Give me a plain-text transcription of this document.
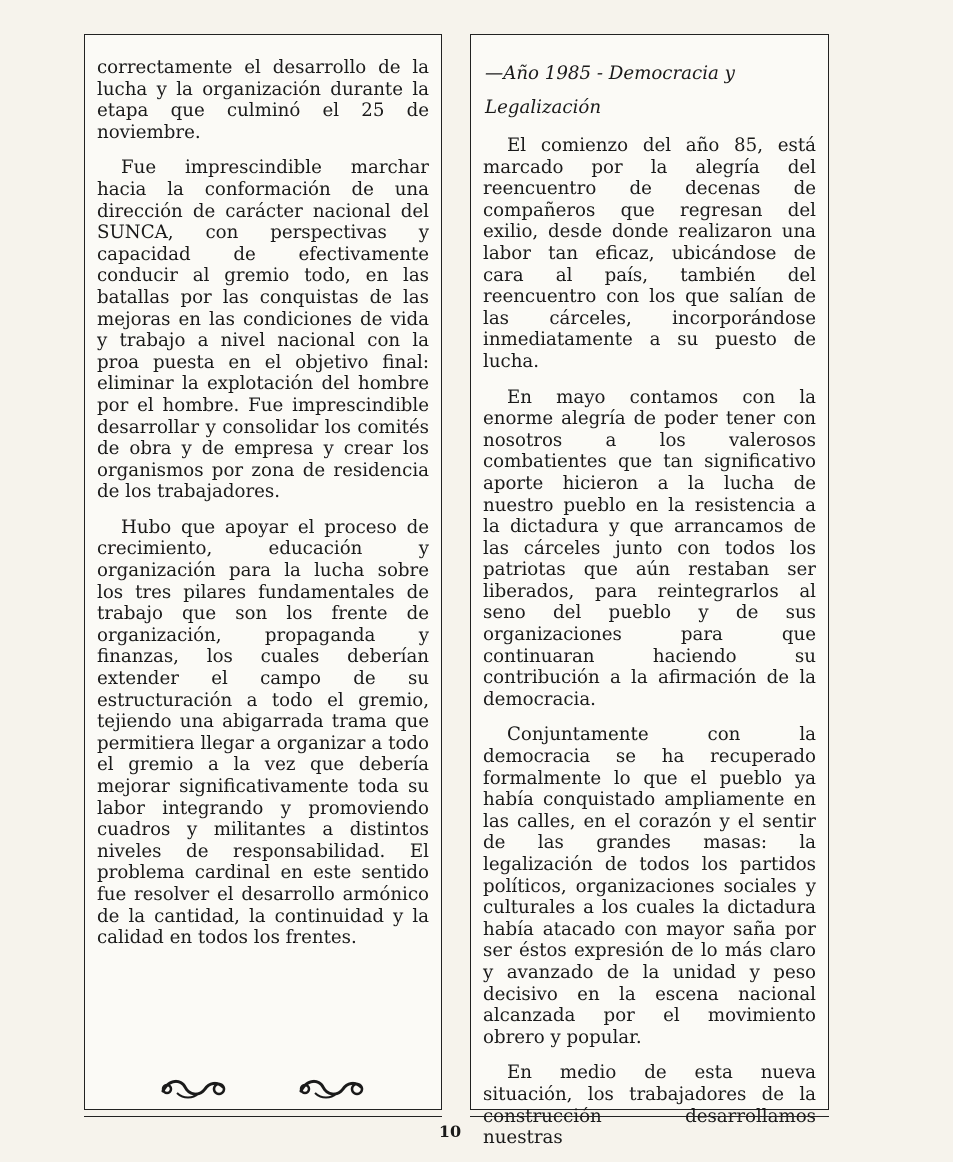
correctamente el desarrollo de la lucha y la organización durante la etapa que culminó el 25 de noviembre.

Fue imprescindible marchar hacia la conformación de una dirección de carácter nacional del SUNCA, con perspectivas y capacidad de efectivamente conducir al gremio todo, en las batallas por las conquistas de las mejoras en las condiciones de vida y trabajo a nivel nacional con la proa puesta en el objetivo final: eliminar la explotación del hombre por el hombre. Fue imprescindible desarrollar y consolidar los comités de obra y de empresa y crear los organismos por zona de residencia de los trabajadores.

Hubo que apoyar el proceso de crecimiento, educación y organización para la lucha sobre los tres pilares fundamentales de trabajo que son los frente de organización, propaganda y finanzas, los cuales deberían extender el campo de su estructuración a todo el gremio, tejiendo una abigarrada trama que permitiera llegar a organizar a todo el gremio a la vez que debería mejorar significativamente toda su labor integrando y promoviendo cuadros y militantes a distintos niveles de responsabilidad. El problema cardinal en este sentido fue resolver el desarrollo armónico de la cantidad, la continuidad y la calidad en todos los frentes.

—Año 1985 - Democracia y Legalización

El comienzo del año 85, está marcado por la alegría del reencuentro de decenas de compañeros que regresan del exilio, desde donde realizaron una labor tan eficaz, ubicándose de cara al país, también del reencuentro con los que salían de las cárceles, incorporándose inmediatamente a su puesto de lucha.

En mayo contamos con la enorme alegría de poder tener con nosotros a los valerosos combatientes que tan significativo aporte hicieron a la lucha de nuestro pueblo en la resistencia a la dictadura y que arrancamos de las cárceles junto con todos los patriotas que aún restaban ser liberados, para reintegrarlos al seno del pueblo y de sus organizaciones para que continuaran haciendo su contribución a la afirmación de la democracia.

Conjuntamente con la democracia se ha recuperado formalmente lo que el pueblo ya había conquistado ampliamente en las calles, en el corazón y el sentir de las grandes masas: la legalización de todos los partidos políticos, organizaciones sociales y culturales a los cuales la dictadura había atacado con mayor saña por ser éstos expresión de lo más claro y avanzado de la unidad y peso decisivo en la escena nacional alcanzada por el movimiento obrero y popular.

En medio de esta nueva situación, los trabajadores de la construcción desarrollamos nuestras

10
